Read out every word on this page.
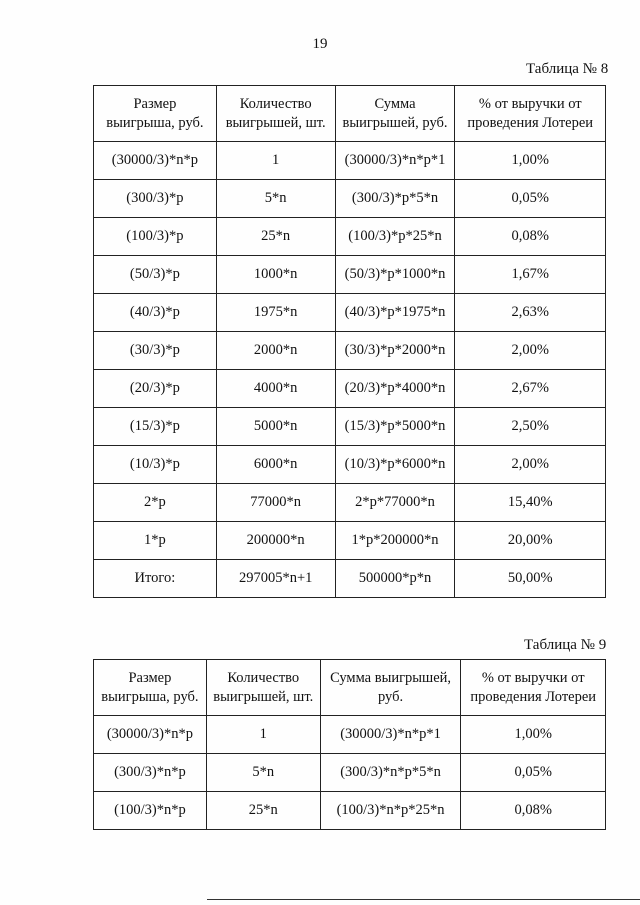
19
Таблица № 8
Размер выигрыша, руб.	Количество выигрышей, шт.	Сумма выигрышей, руб.	% от выручки от проведения Лотереи
(30000/3)*n*p	1	(30000/3)*n*p*1	1,00%
(300/3)*p	5*n	(300/3)*p*5*n	0,05%
(100/3)*p	25*n	(100/3)*p*25*n	0,08%
(50/3)*p	1000*n	(50/3)*p*1000*n	1,67%
(40/3)*p	1975*n	(40/3)*p*1975*n	2,63%
(30/3)*p	2000*n	(30/3)*p*2000*n	2,00%
(20/3)*p	4000*n	(20/3)*p*4000*n	2,67%
(15/3)*p	5000*n	(15/3)*p*5000*n	2,50%
(10/3)*p	6000*n	(10/3)*p*6000*n	2,00%
2*p	77000*n	2*p*77000*n	15,40%
1*p	200000*n	1*p*200000*n	20,00%
Итого:	297005*n+1	500000*p*n	50,00%
Таблица № 9
Размер выигрыша, руб.	Количество выигрышей, шт.	Сумма выигрышей, руб.	% от выручки от проведения Лотереи
(30000/3)*n*p	1	(30000/3)*n*p*1	1,00%
(300/3)*n*p	5*n	(300/3)*n*p*5*n	0,05%
(100/3)*n*p	25*n	(100/3)*n*p*25*n	0,08%
